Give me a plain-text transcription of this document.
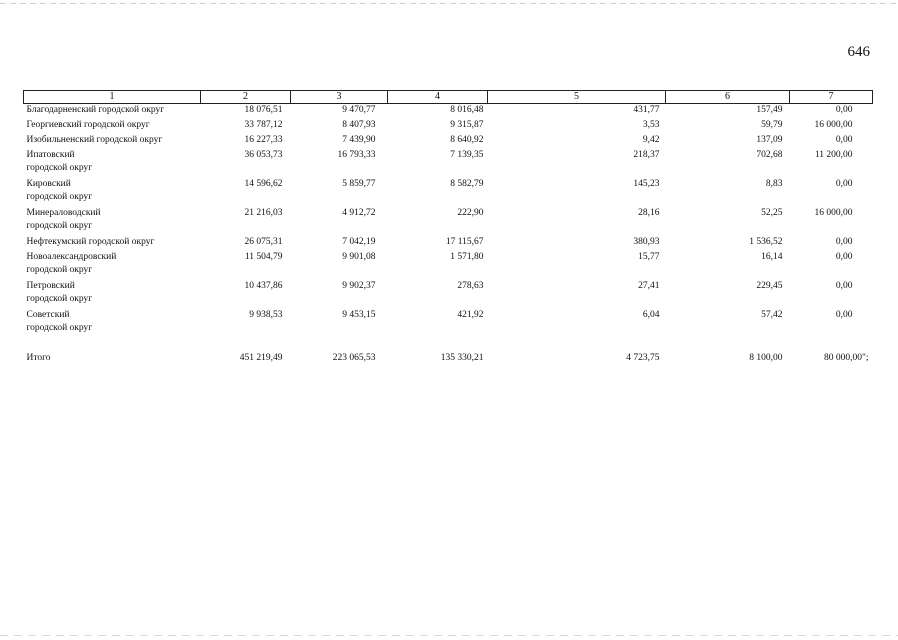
646
1	2	3	4	5	6	7
Благодарненский городской округ	18 076,51	9 470,77	8 016,48	431,77	157,49	0,00
Георгиевский городской округ	33 787,12	8 407,93	9 315,87	3,53	59,79	16 000,00
Изобильненский городской округ	16 227,33	7 439,90	8 640,92	9,42	137,09	0,00
Ипатовский
городской округ	36 053,73	16 793,33	7 139,35	218,37	702,68	11 200,00
Кировский
городской округ	14 596,62	5 859,77	8 582,79	145,23	8,83	0,00
Минераловодский
городской округ	21 216,03	4 912,72	222,90	28,16	52,25	16 000,00
Нефтекумский городской округ	26 075,31	7 042,19	17 115,67	380,93	1 536,52	0,00
Новоалександровский
городской округ	11 504,79	9 901,08	1 571,80	15,77	16,14	0,00
Петровский
городской округ	10 437,86	9 902,37	278,63	27,41	229,45	0,00
Советский
городской округ	9 938,53	9 453,15	421,92	6,04	57,42	0,00

Итого	451 219,49	223 065,53	135 330,21	4 723,75	8 100,00	80 000,00";
